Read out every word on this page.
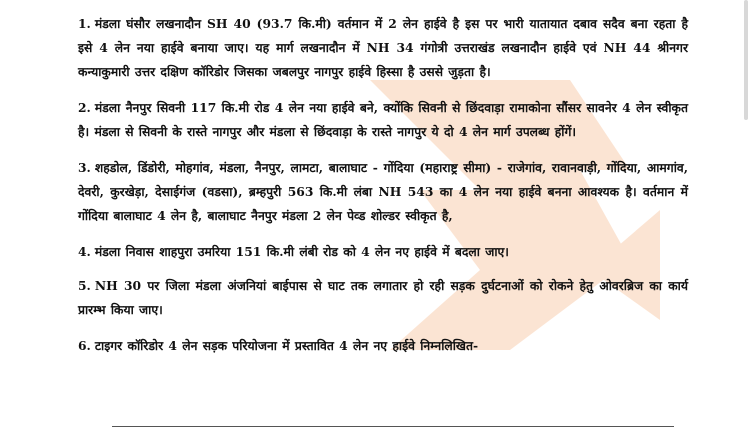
1. मंडला घंसौर लखनादौन SH 40 (93.7 कि.मी) वर्तमान में 2 लेन हाईवे है इस पर भारी यातायात दबाव सदैव बना रहता है इसे 4 लेन नया हाईवे बनाया जाए। यह मार्ग लखनादौन में NH 34 गंगोत्री उत्तराखंड लखनादौन हाईवे एवं NH 44 श्रीनगर कन्याकुमारी उत्तर दक्षिण कॉरिडोर जिसका जबलपुर नागपुर हाईवे हिस्सा है उससे जुड़ता है।

2. मंडला नैनपुर सिवनी 117 कि.मी रोड 4 लेन नया हाईवे बने, क्योंकि सिवनी से छिंदवाड़ा रामाकोना सौंसर सावनेर 4 लेन स्वीकृत है। मंडला से सिवनी के रास्ते नागपुर और मंडला से छिंदवाड़ा के रास्ते नागपुर ये दो 4 लेन मार्ग उपलब्ध होंगें।

3. शहडोल, डिंडोरी, मोहगांव, मंडला, नैनपुर, लामटा, बालाघाट - गोंदिया (महाराष्ट्र सीमा) - राजेगांव, रावानवाड़ी, गोंदिया, आमगांव, देवरी, कुरखेड़ा, देसाईगंज (वडसा), ब्रम्हपुरी 563 कि.मी लंबा NH 543 का 4 लेन नया हाईवे बनना आवश्यक है। वर्तमान में गोंदिया बालाघाट 4 लेन है, बालाघाट नैनपुर मंडला 2 लेन पेव्ड शोल्डर स्वीकृत है,

4. मंडला निवास शाहपुरा उमरिया 151 कि.मी लंबी रोड को 4 लेन नए हाईवे में बदला जाए।

5. NH 30 पर जिला मंडला अंजनियां बाईपास से घाट तक लगातार हो रही सड़क दुर्घटनाओं को रोकने हेतु ओवरब्रिज का कार्य प्रारम्भ किया जाए।

6. टाइगर कॉरिडोर 4 लेन सड़क परियोजना में प्रस्तावित 4 लेन नए हाईवे निम्नलिखित-
